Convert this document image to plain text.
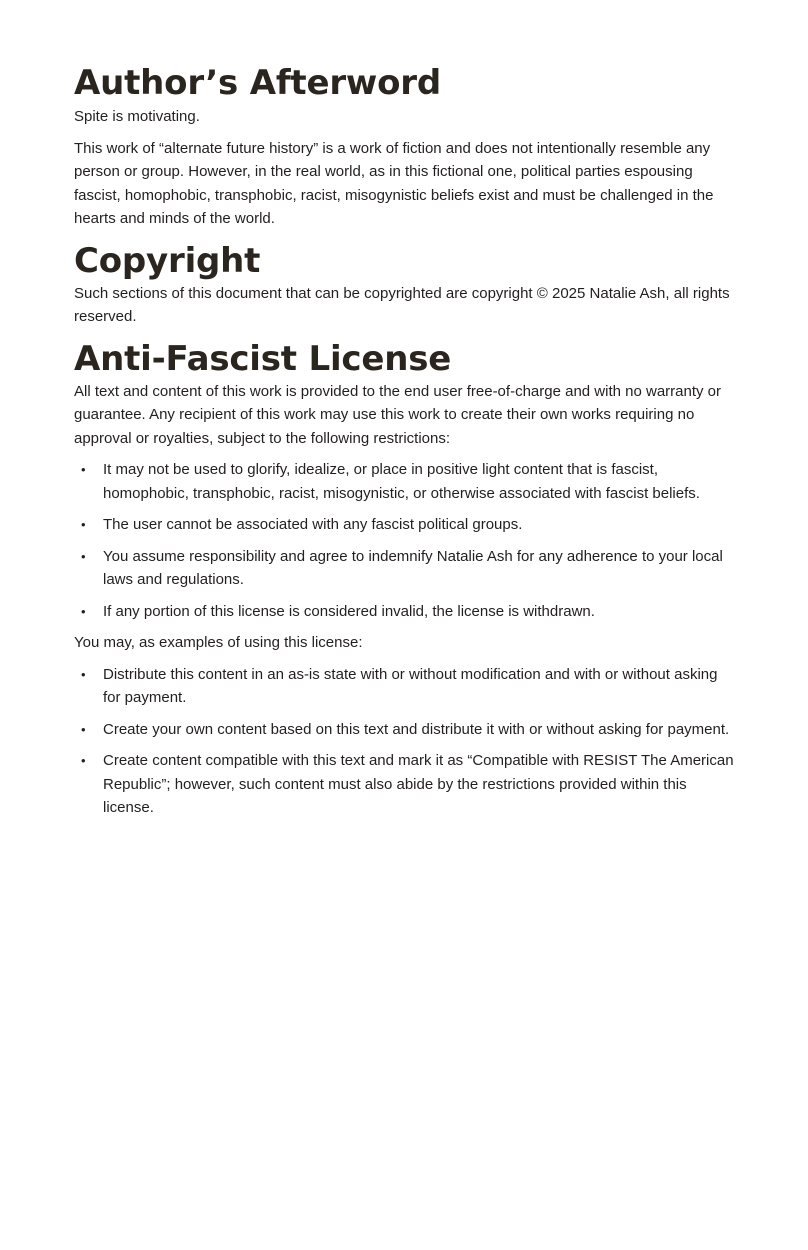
Author’s Afterword

Spite is motivating.

This work of “alternate future history” is a work of fiction and does not intentionally resemble any person or group. However, in the real world, as in this fictional one, political parties espousing fascist, homophobic, transphobic, racist, misogynistic beliefs exist and must be challenged in the hearts and minds of the world.

Copyright

Such sections of this document that can be copyrighted are copyright © 2025 Natalie Ash, all rights reserved.

Anti-Fascist License

All text and content of this work is provided to the end user free-of-charge and with no warranty or guarantee. Any recipient of this work may use this work to create their own works requiring no approval or royalties, subject to the following restrictions:

• It may not be used to glorify, idealize, or place in positive light content that is fascist, homophobic, transphobic, racist, misogynistic, or otherwise associated with fascist beliefs.
• The user cannot be associated with any fascist political groups.
• You assume responsibility and agree to indemnify Natalie Ash for any adherence to your local laws and regulations.
• If any portion of this license is considered invalid, the license is withdrawn.

You may, as examples of using this license:

• Distribute this content in an as-is state with or without modification and with or without asking for payment.
• Create your own content based on this text and distribute it with or without asking for payment.
• Create content compatible with this text and mark it as “Compatible with RESIST The American Republic”; however, such content must also abide by the restrictions provided within this license.
